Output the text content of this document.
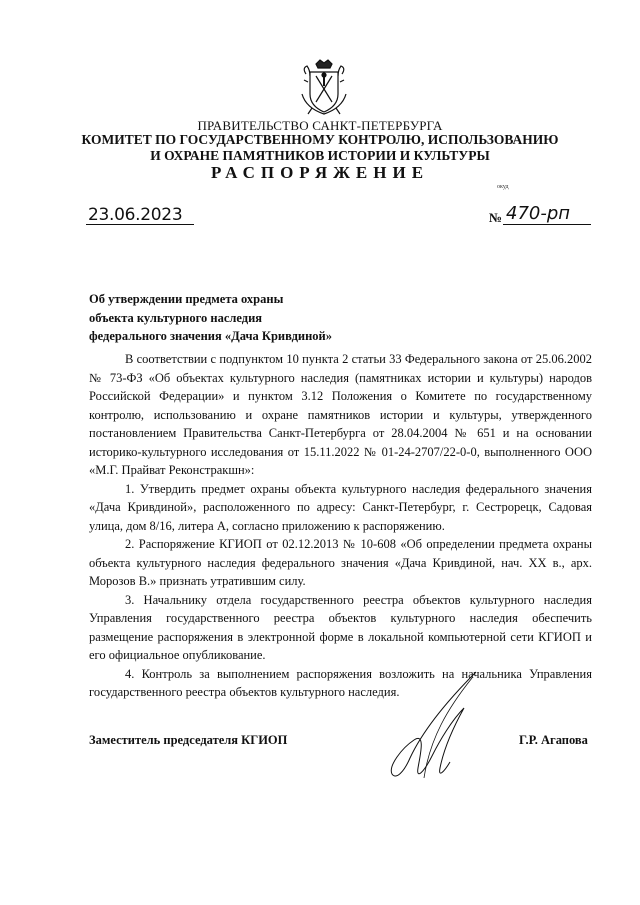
ПРАВИТЕЛЬСТВО САНКТ-ПЕТЕРБУРГА
КОМИТЕТ ПО ГОСУДАРСТВЕННОМУ КОНТРОЛЮ, ИСПОЛЬЗОВАНИЮ
И ОХРАНЕ ПАМЯТНИКОВ ИСТОРИИ И КУЛЬТУРЫ
РАСПОРЯЖЕНИЕ
окуд
23.06.2023	№ 470-рп
Об утверждении предмета охраны
объекта культурного наследия
федерального значения «Дача Кривдиной»

В соответствии с подпунктом 10 пункта 2 статьи 33 Федерального закона от 25.06.2002 № 73-ФЗ «Об объектах культурного наследия (памятниках истории и культуры) народов Российской Федерации» и пунктом 3.12 Положения о Комитете по государственному контролю, использованию и охране памятников истории и культуры, утвержденного постановлением Правительства Санкт-Петербурга от 28.04.2004 № 651 и на основании историко-культурного исследования от 15.11.2022 № 01-24-2707/22-0-0, выполненного ООО «М.Г. Прайват Реконстракшн»:

1. Утвердить предмет охраны объекта культурного наследия федерального значения «Дача Кривдиной», расположенного по адресу: Санкт-Петербург, г. Сестрорецк, Садовая улица, дом 8/16, литера А, согласно приложению к распоряжению.

2. Распоряжение КГИОП от 02.12.2013 № 10-608 «Об определении предмета охраны объекта культурного наследия федерального значения «Дача Кривдиной, нач. XX в., арх. Морозов В.» признать утратившим силу.

3. Начальнику отдела государственного реестра объектов культурного наследия Управления государственного реестра объектов культурного наследия обеспечить размещение распоряжения в электронной форме в локальной компьютерной сети КГИОП и его официальное опубликование.

4. Контроль за выполнением распоряжения возложить на начальника Управления государственного реестра объектов культурного наследия.

Заместитель председателя КГИОП	Г.Р. Агапова
